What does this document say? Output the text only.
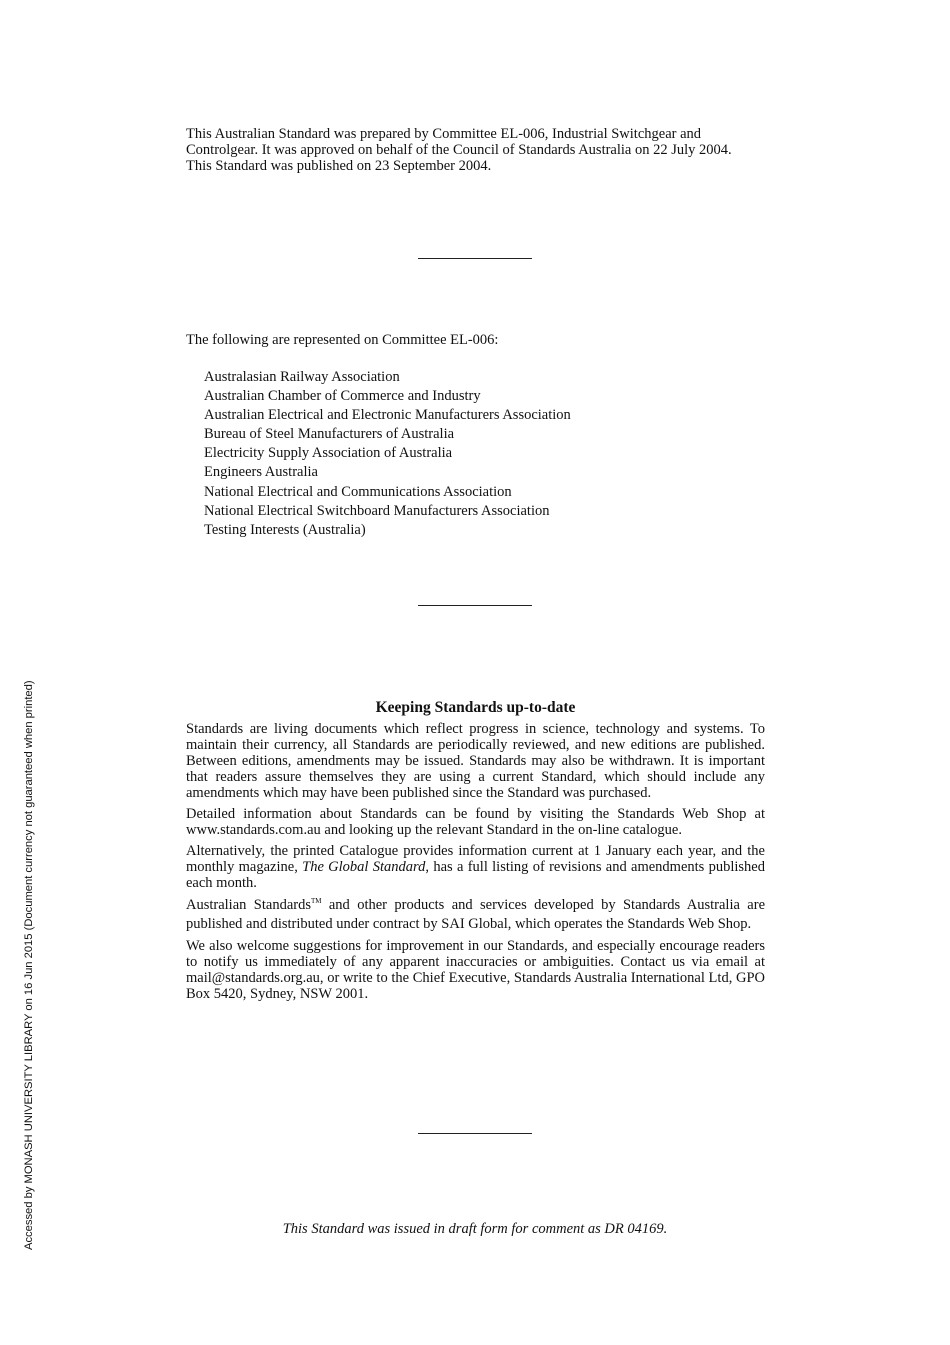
This Australian Standard was prepared by Committee EL-006, Industrial Switchgear and Controlgear. It was approved on behalf of the Council of Standards Australia on 22 July 2004.

This Standard was published on 23 September 2004.

The following are represented on Committee EL-006:

Australasian Railway Association
Australian Chamber of Commerce and Industry
Australian Electrical and Electronic Manufacturers Association
Bureau of Steel Manufacturers of Australia
Electricity Supply Association of Australia
Engineers Australia
National Electrical and Communications Association
National Electrical Switchboard Manufacturers Association
Testing Interests (Australia)
Keeping Standards up-to-date

Standards are living documents which reflect progress in science, technology and systems. To maintain their currency, all Standards are periodically reviewed, and new editions are published. Between editions, amendments may be issued. Standards may also be withdrawn. It is important that readers assure themselves they are using a current Standard, which should include any amendments which may have been published since the Standard was purchased.

Detailed information about Standards can be found by visiting the Standards Web Shop at www.standards.com.au and looking up the relevant Standard in the on-line catalogue.

Alternatively, the printed Catalogue provides information current at 1 January each year, and the monthly magazine, The Global Standard, has a full listing of revisions and amendments published each month.

Australian Standards™ and other products and services developed by Standards Australia are published and distributed under contract by SAI Global, which operates the Standards Web Shop.

We also welcome suggestions for improvement in our Standards, and especially encourage readers to notify us immediately of any apparent inaccuracies or ambiguities. Contact us via email at mail@standards.org.au, or write to the Chief Executive, Standards Australia International Ltd, GPO Box 5420, Sydney, NSW 2001.

This Standard was issued in draft form for comment as DR 04169.

Accessed by MONASH UNIVERSITY LIBRARY on 16 Jun 2015 (Document currency not guaranteed when printed)
